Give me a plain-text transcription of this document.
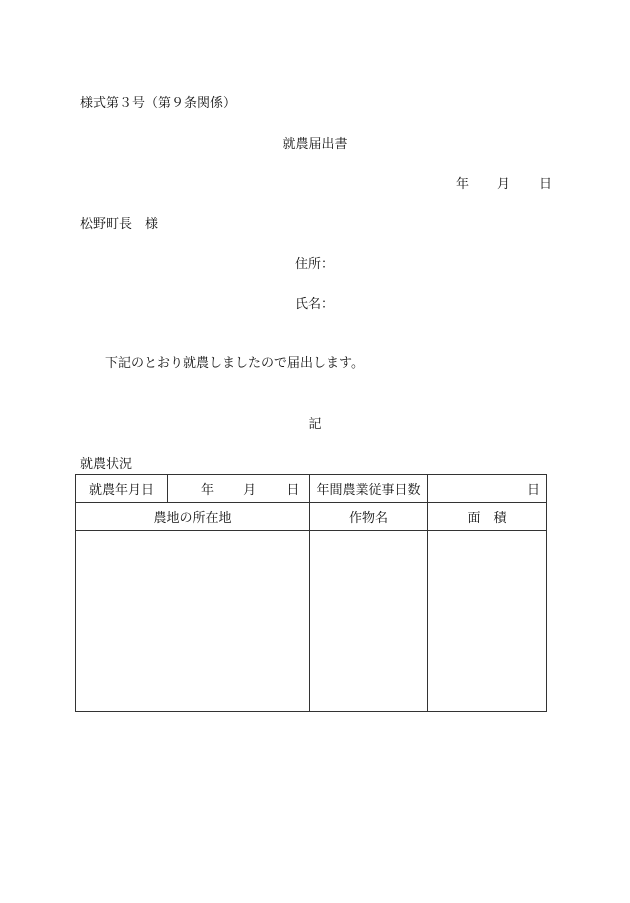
様式第３号（第９条関係）
就農届出書
年 月 日
松野町長　様
住所：
氏名：
下記のとおり就農しましたので届出します。
記
就農状況
就農年月日	年 月 日	年間農業従事日数	日
農地の所在地		作物名	面　積
